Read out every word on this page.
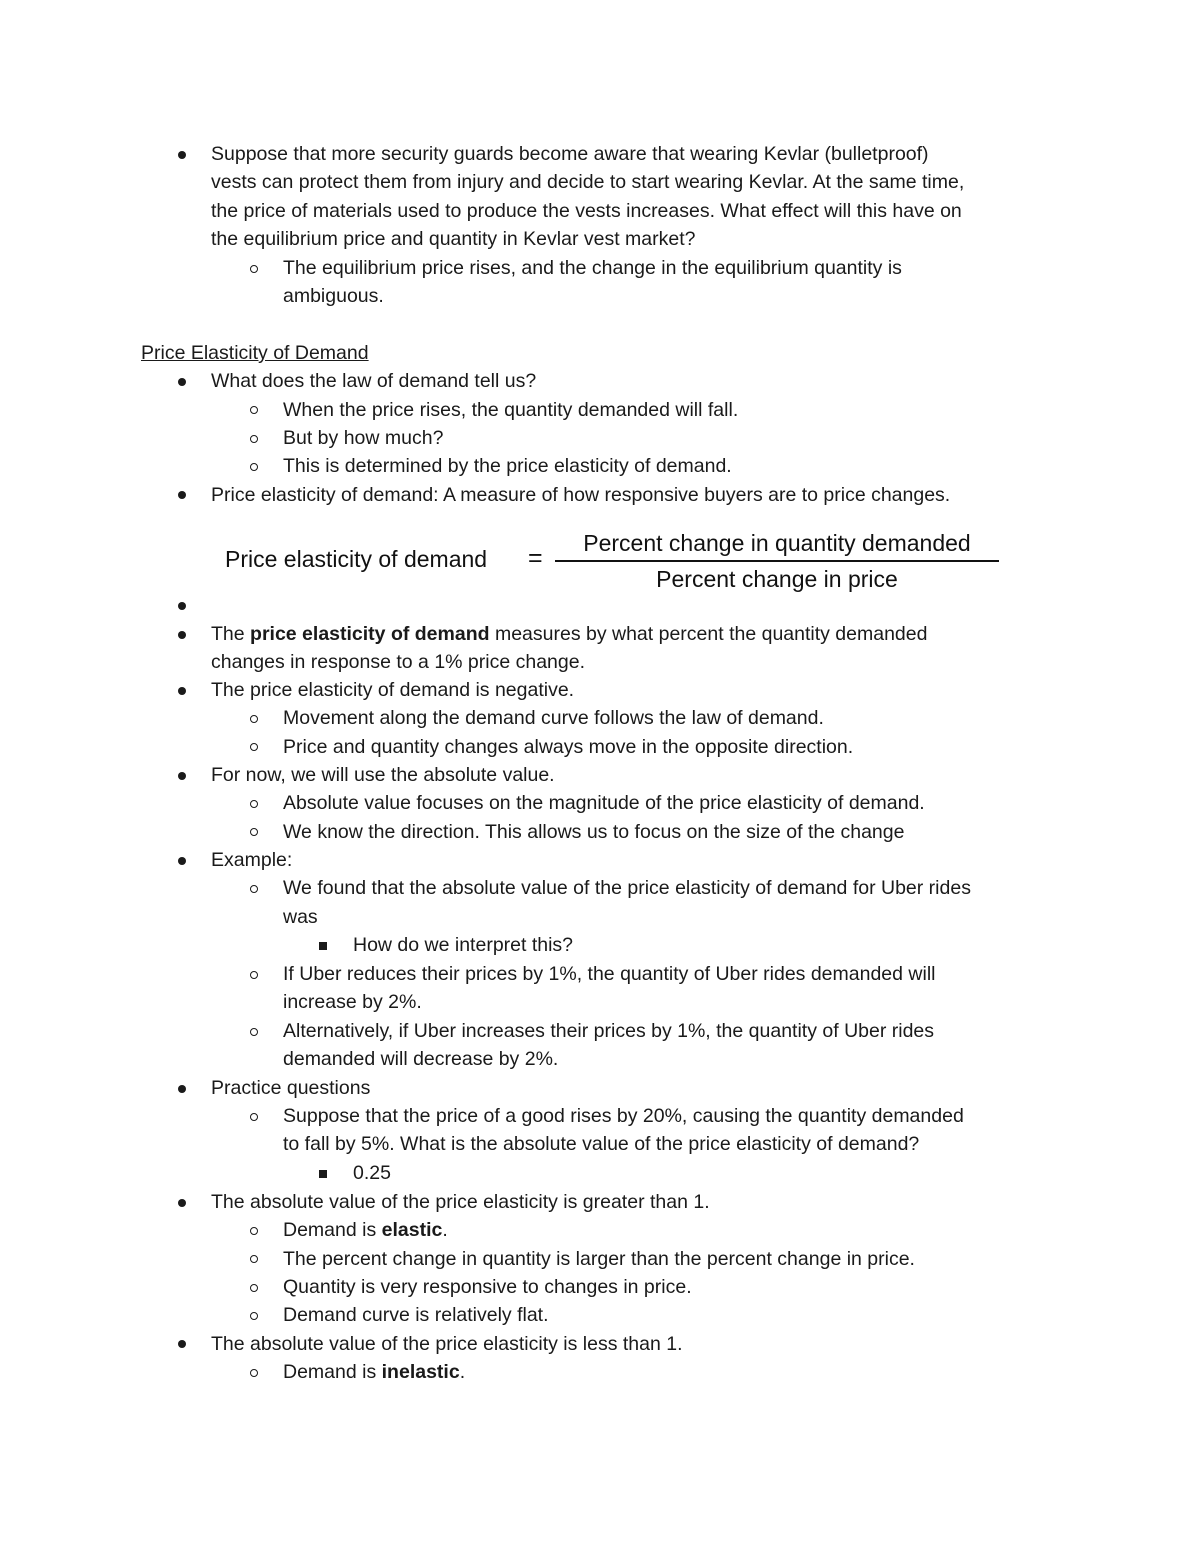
Suppose that more security guards become aware that wearing Kevlar (bulletproof)
vests can protect them from injury and decide to start wearing Kevlar. At the same time,
the price of materials used to produce the vests increases. What effect will this have on
the equilibrium price and quantity in Kevlar vest market?
The equilibrium price rises, and the change in the equilibrium quantity is
ambiguous.
Price Elasticity of Demand
What does the law of demand tell us?
When the price rises, the quantity demanded will fall.
But by how much?
This is determined by the price elasticity of demand.
Price elasticity of demand: A measure of how responsive buyers are to price changes.
Price elasticity of demand =
Percent change in quantity demanded
Percent change in price
The price elasticity of demand measures by what percent the quantity demanded
changes in response to a 1% price change.
The price elasticity of demand is negative.
Movement along the demand curve follows the law of demand.
Price and quantity changes always move in the opposite direction.
For now, we will use the absolute value.
Absolute value focuses on the magnitude of the price elasticity of demand.
We know the direction. This allows us to focus on the size of the change
Example:
We found that the absolute value of the price elasticity of demand for Uber rides
was
How do we interpret this?
If Uber reduces their prices by 1%, the quantity of Uber rides demanded will
increase by 2%.
Alternatively, if Uber increases their prices by 1%, the quantity of Uber rides
demanded will decrease by 2%.
Practice questions
Suppose that the price of a good rises by 20%, causing the quantity demanded
to fall by 5%. What is the absolute value of the price elasticity of demand?
0.25
The absolute value of the price elasticity is greater than 1.
Demand is elastic.
The percent change in quantity is larger than the percent change in price.
Quantity is very responsive to changes in price.
Demand curve is relatively flat.
The absolute value of the price elasticity is less than 1.
Demand is inelastic.
